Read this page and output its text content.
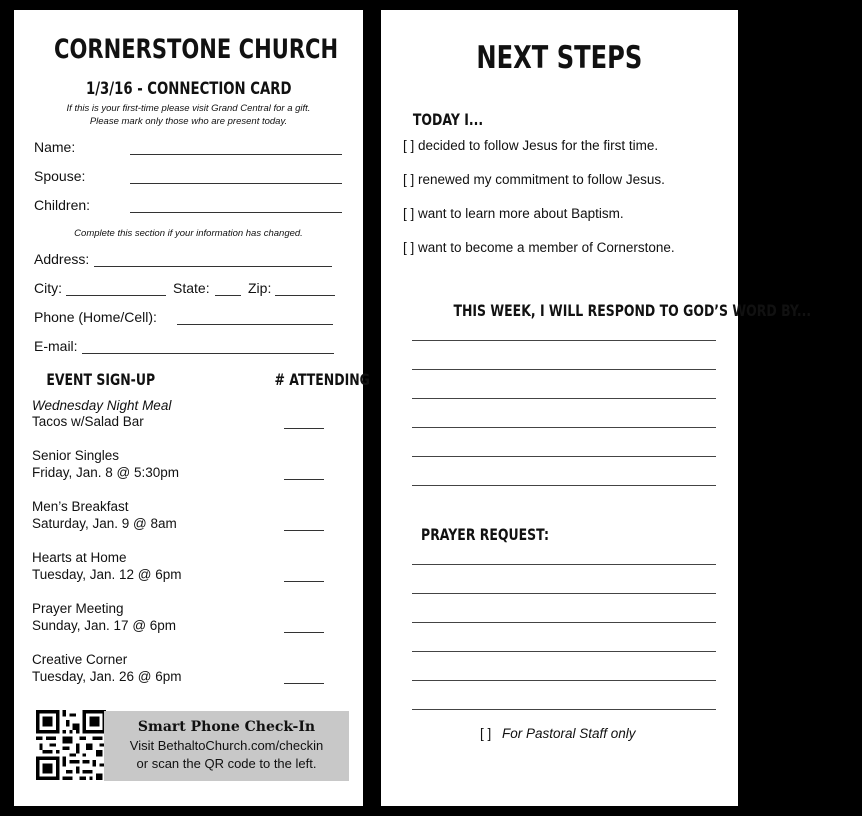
CORNERSTONE CHURCH
1/3/16 - CONNECTION CARD
If this is your first-time please visit Grand Central for a gift.
Please mark only those who are present today.
Name:
Spouse:
Children:
Complete this section if your information has changed.
Address:
City:	State:	Zip:
Phone (Home/Cell):
E-mail:
EVENT SIGN-UP	# ATTENDING
Wednesday Night Meal
Tacos w/Salad Bar
Senior Singles
Friday, Jan. 8 @ 5:30pm
Men’s Breakfast
Saturday, Jan. 9 @ 8am
Hearts at Home
Tuesday, Jan. 12 @ 6pm
Prayer Meeting
Sunday, Jan. 17 @ 6pm
Creative Corner
Tuesday, Jan. 26 @ 6pm
Smart Phone Check-In
Visit BethaltoChurch.com/checkin
or scan the QR code to the left.
NEXT STEPS
TODAY I...
[ ] decided to follow Jesus for the first time.
[ ] renewed my commitment to follow Jesus.
[ ] want to learn more about Baptism.
[ ] want to become a member of Cornerstone.
THIS WEEK, I WILL RESPOND TO GOD’S WORD BY...
PRAYER REQUEST:
[ ] For Pastoral Staff only
